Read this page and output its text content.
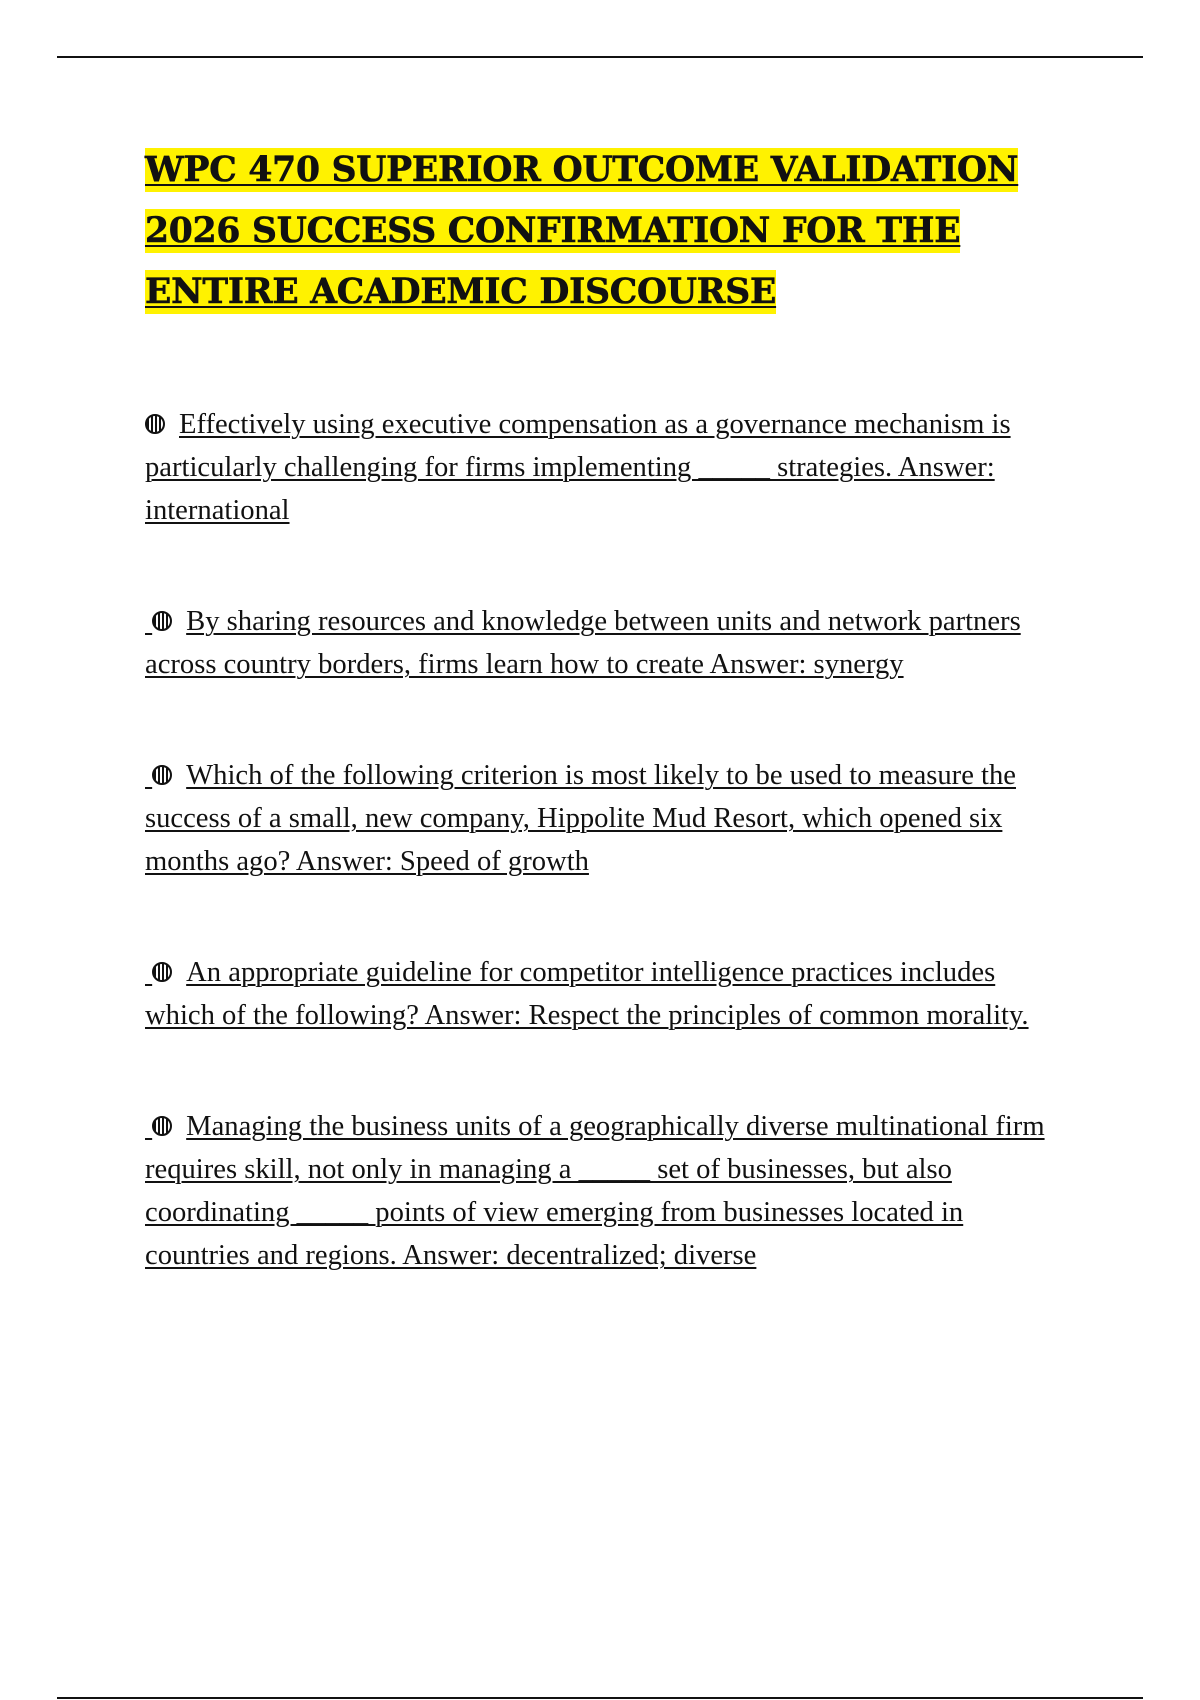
WPC 470 SUPERIOR OUTCOME VALIDATION 2026 SUCCESS CONFIRMATION FOR THE ENTIRE ACADEMIC DISCOURSE

Effectively using executive compensation as a governance mechanism is particularly challenging for firms implementing _____ strategies. Answer: international

By sharing resources and knowledge between units and network partners across country borders, firms learn how to create Answer: synergy

Which of the following criterion is most likely to be used to measure the success of a small, new company, Hippolite Mud Resort, which opened six months ago? Answer: Speed of growth

An appropriate guideline for competitor intelligence practices includes which of the following? Answer: Respect the principles of common morality.

Managing the business units of a geographically diverse multinational firm requires skill, not only in managing a _____ set of businesses, but also coordinating _____ points of view emerging from businesses located in countries and regions. Answer: decentralized; diverse
